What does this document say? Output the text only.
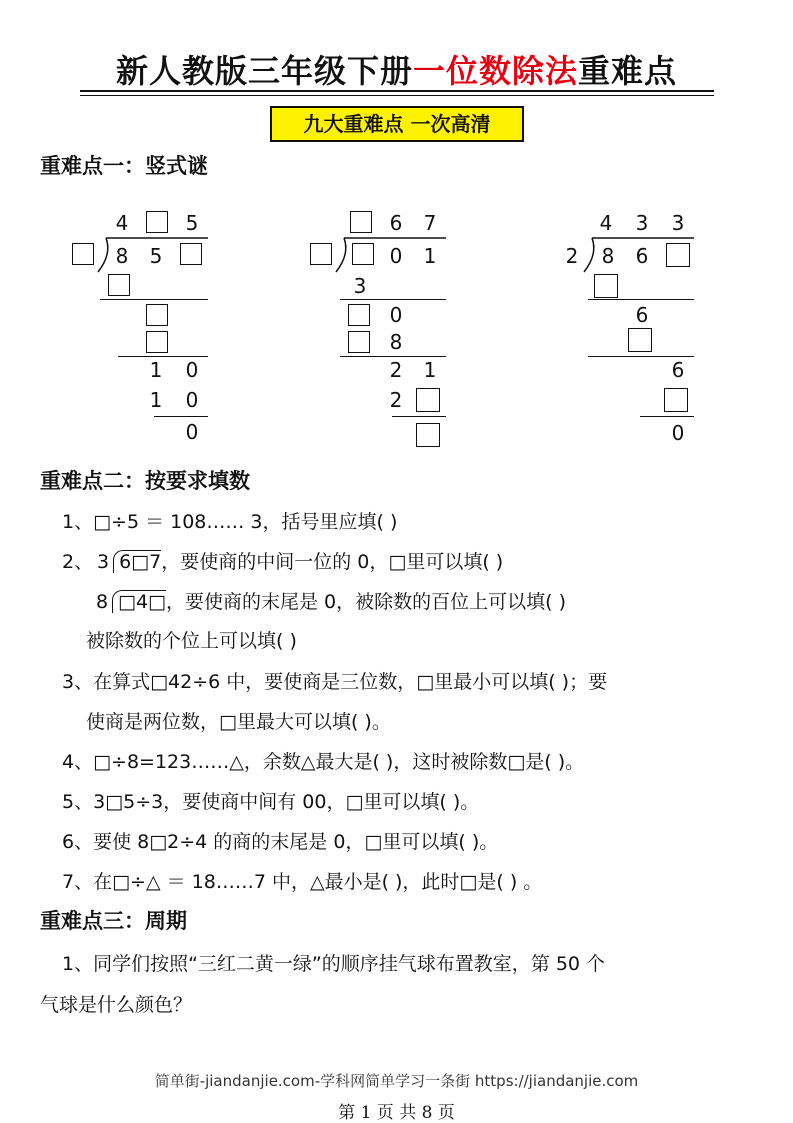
新人教版三年级下册一位数除法重难点
九大重难点 一次高清
重难点一：竖式谜
4	5
8 5
1 0
1 0
0
6 7
0 1
3
0
8
2 1
2
4 3 3
2 8 6
6
6
0
重难点二：按要求填数
1、□÷5 ＝ 108…… 3，括号里应填( )
2、 3 6□7，要使商的中间一位的 0，□里可以填( )
8 □4□，要使商的末尾是 0，被除数的百位上可以填( )
被除数的个位上可以填( )
3、在算式□42÷6 中，要使商是三位数，□里最小可以填( )；要
使商是两位数，□里最大可以填( )。
4、□÷8=123……△，余数△最大是( )，这时被除数□是( )。
5、3□5÷3，要使商中间有 00，□里可以填( )。
6、要使 8□2÷4 的商的末尾是 0，□里可以填( )。
7、在□÷△ ＝ 18……7 中，△最小是( )，此时□是( ) 。
重难点三：周期
1、同学们按照“三红二黄一绿”的顺序挂气球布置教室，第 50 个
气球是什么颜色？
简单街-jiandanjie.com-学科网简单学习一条街 https://jiandanjie.com
第 1 页 共 8 页
